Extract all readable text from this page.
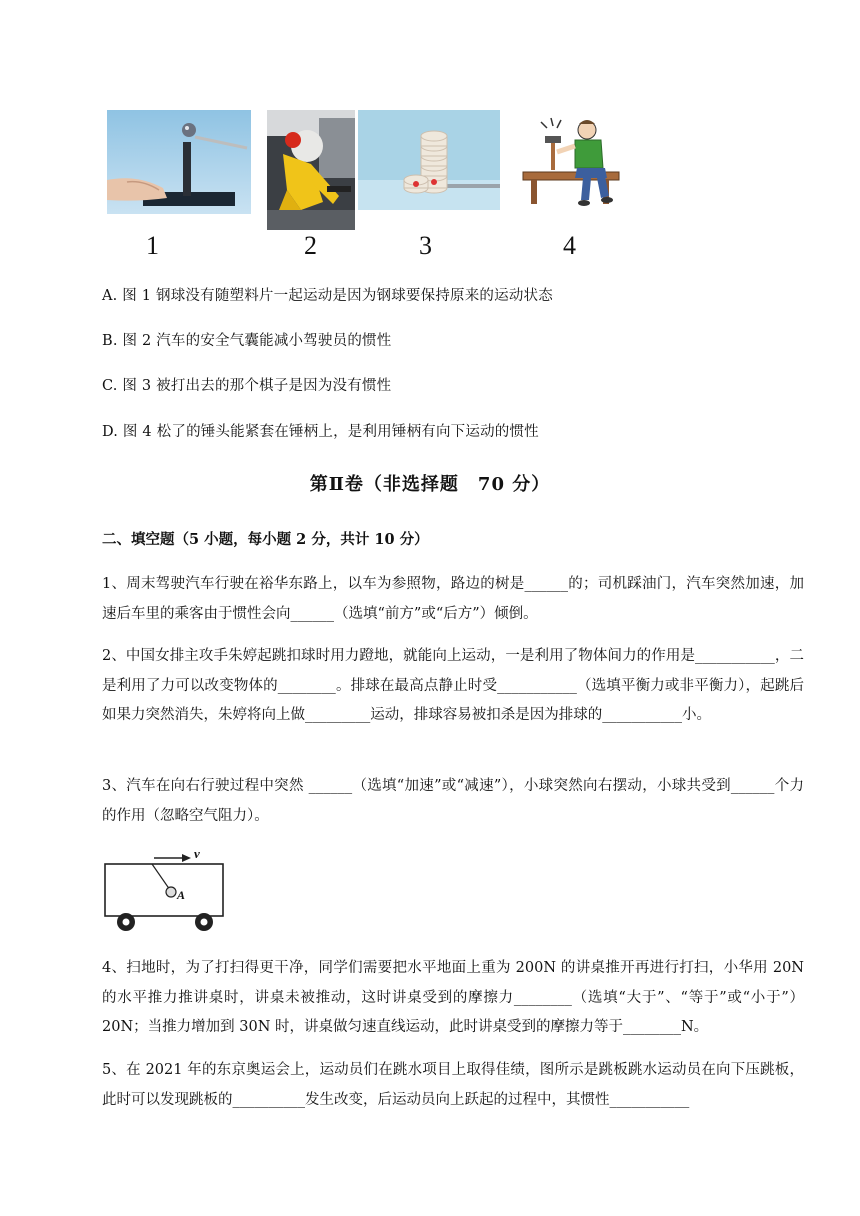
1	2	3	4
A. 图 1 钢球没有随塑料片一起运动是因为钢球要保持原来的运动状态
B. 图 2 汽车的安全气囊能减小驾驶员的惯性
C. 图 3 被打出去的那个棋子是因为没有惯性
D. 图 4 松了的锤头能紧套在锤柄上，是利用锤柄有向下运动的惯性
第Ⅱ卷（非选择题　70 分）
二、填空题（5 小题，每小题 2 分，共计 10 分）
1、周末驾驶汽车行驶在裕华东路上，以车为参照物，路边的树是______的；司机踩油门，汽车突然加速，加速后车里的乘客由于惯性会向______（选填“前方”或“后方”）倾倒。
2、中国女排主攻手朱婷起跳扣球时用力蹬地，就能向上运动，一是利用了物体间力的作用是___________，二是利用了力可以改变物体的________。排球在最高点静止时受___________（选填平衡力或非平衡力），起跳后如果力突然消失，朱婷将向上做_________运动，排球容易被扣杀是因为排球的___________小。
3、汽车在向右行驶过程中突然 ______（选填“加速”或“减速”），小球突然向右摆动，小球共受到______个力的作用（忽略空气阻力）。
v
A
4、扫地时，为了打扫得更干净，同学们需要把水平地面上重为 200N 的讲桌推开再进行打扫，小华用 20N 的水平推力推讲桌时，讲桌未被推动，这时讲桌受到的摩擦力________（选填“大于”、“等于”或“小于”）20N；当推力增加到 30N 时，讲桌做匀速直线运动，此时讲桌受到的摩擦力等于________N。
5、在 2021 年的东京奥运会上，运动员们在跳水项目上取得佳绩，图所示是跳板跳水运动员在向下压跳板，此时可以发现跳板的__________发生改变，后运动员向上跃起的过程中，其惯性___________
